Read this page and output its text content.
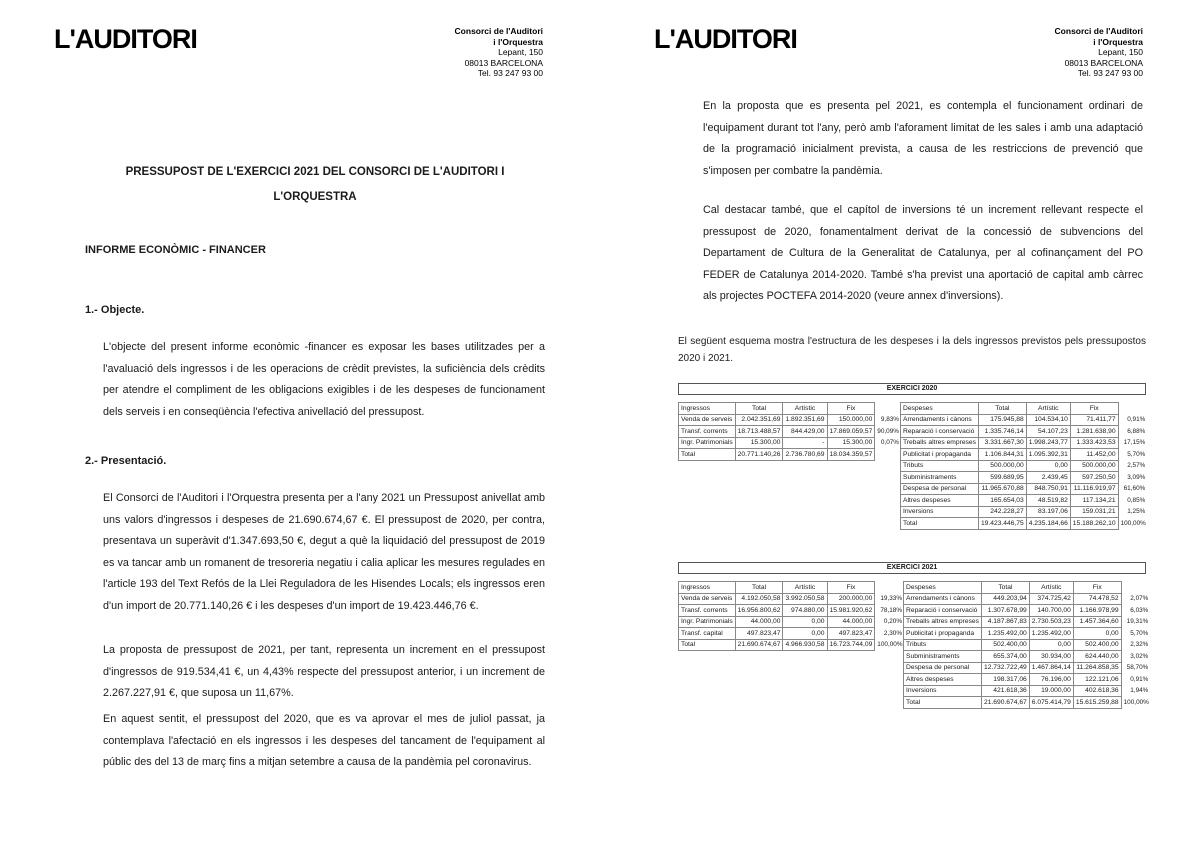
L'AUDITORI	Consorci de l'Auditori
i l'Orquestra
Lepant, 150
08013 BARCELONA
Tel. 93 247 93 00
PRESSUPOST DE L'EXERCICI 2021 DEL CONSORCI DE L'AUDITORI I
L'ORQUESTRA
INFORME ECONÒMIC - FINANCER
1.- Objecte.
L'objecte del present informe econòmic -financer es exposar les bases utilitzades per a l'avaluació dels ingressos i de les operacions de crèdit previstes, la suficiència dels crèdits per atendre el compliment de les obligacions exigibles i de les despeses de funcionament dels serveis i en conseqüència l'efectiva anivellació del pressupost.
2.- Presentació.
El Consorci de l'Auditori i l'Orquestra presenta per a l'any 2021 un Pressupost anivellat amb uns valors d'ingressos i despeses de 21.690.674,67 €. El pressupost de 2020, per contra, presentava un superàvit d'1.347.693,50 €, degut a què la liquidació del pressupost de 2019 es va tancar amb un romanent de tresoreria negatiu i calia aplicar les mesures regulades en l'article 193 del Text Refós de la Llei Reguladora de les Hisendes Locals; els ingressos eren d'un import de 20.771.140,26 € i les despeses d'un import de 19.423.446,76 €.
La proposta de pressupost de 2021, per tant, representa un increment en el pressupost d'ingressos de 919.534,41 €, un 4,43% respecte del pressupost anterior, i un increment de 2.267.227,91 €, que suposa un 11,67%.
En aquest sentit, el pressupost del 2020, que es va aprovar el mes de juliol passat, ja contemplava l'afectació en els ingressos i les despeses del tancament de l'equipament al públic des del 13 de març fins a mitjan setembre a causa de la pandèmia pel coronavirus.
L'AUDITORI	Consorci de l'Auditori
i l'Orquestra
Lepant, 150
08013 BARCELONA
Tel. 93 247 93 00
En la proposta que es presenta pel 2021, es contempla el funcionament ordinari de l'equipament durant tot l'any, però amb l'aforament limitat de les sales i amb una adaptació de la programació inicialment prevista, a causa de les restriccions de prevenció que s'imposen per combatre la pandèmia.
Cal destacar també, que el capítol de inversions té un increment rellevant respecte el pressupost de 2020, fonamentalment derivat de la concessió de subvencions del Departament de Cultura de la Generalitat de Catalunya, per al cofinançament del PO FEDER de Catalunya 2014-2020. També s'ha previst una aportació de capital amb càrrec als projectes POCTEFA 2014-2020 (veure annex d'inversions).
El següent esquema mostra l'estructura de les despeses i la dels ingressos previstos pels pressupostos 2020 i 2021.
EXERCICI 2020
Ingressos	Total	Artístic	Fix	
Venda de serveis	2.042.351,69	1.892.351,69	150.000,00	9,83%
Transf. corrents	18.713.488,57	844.429,00	17.869.059,57	90,09%
Ingr. Patrimonials	15.300,00	-	15.300,00	0,07%
Total	20.771.140,26	2.736.780,69	18.034.359,57	
Despeses	Total	Artístic	Fix	
Arrendaments i cànons	175.945,88	104.534,10	71.411,77	0,91%
Reparació i conservació	1.335.746,14	54.107,23	1.281.638,90	6,88%
Treballs altres empreses	3.331.667,30	1.998.243,77	1.333.423,53	17,15%
Publicitat i propaganda	1.106.844,31	1.095.392,31	11.452,00	5,70%
Tributs	500.000,00	0,00	500.000,00	2,57%
Subministraments	599.689,95	2.439,45	597.250,50	3,09%
Despesa de personal	11.965.670,88	848.750,91	11.116.919,97	61,60%
Altres despeses	165.654,03	48.519,82	117.134,21	0,85%
Inversions	242.228,27	83.197,06	159.031,21	1,25%
Total	19.423.446,75	4.235.184,66	15.188.262,10	100,00%
EXERCICI 2021
Ingressos	Total	Artístic	Fix	
Venda de serveis	4.192.050,58	3.992.050,58	200.000,00	19,33%
Transf. corrents	16.956.800,62	974.880,00	15.981.920,62	78,18%
Ingr. Patrimonials	44.000,00	0,00	44.000,00	0,20%
Transf. capital	497.823,47	0,00	497.823,47	2,30%
Total	21.690.674,67	4.966.930,58	16.723.744,09	100,00%
Despeses	Total	Artístic	Fix	
Arrendaments i cànons	449.203,94	374.725,42	74.478,52	2,07%
Reparació i conservació	1.307.678,99	140.700,00	1.166.978,99	6,03%
Treballs altres empreses	4.187.867,83	2.730.503,23	1.457.364,60	19,31%
Publicitat i propaganda	1.235.492,00	1.235.492,00	0,00	5,70%
Tributs	502.400,00	0,00	502.400,00	2,32%
Subministraments	655.374,00	30.934,00	624.440,00	3,02%
Despesa de personal	12.732.722,49	1.467.864,14	11.264.858,35	58,70%
Altres despeses	198.317,06	76.196,00	122.121,06	0,91%
Inversions	421.618,36	19.000,00	402.618,36	1,94%
Total	21.690.674,67	6.075.414,79	15.615.259,88	100,00%
